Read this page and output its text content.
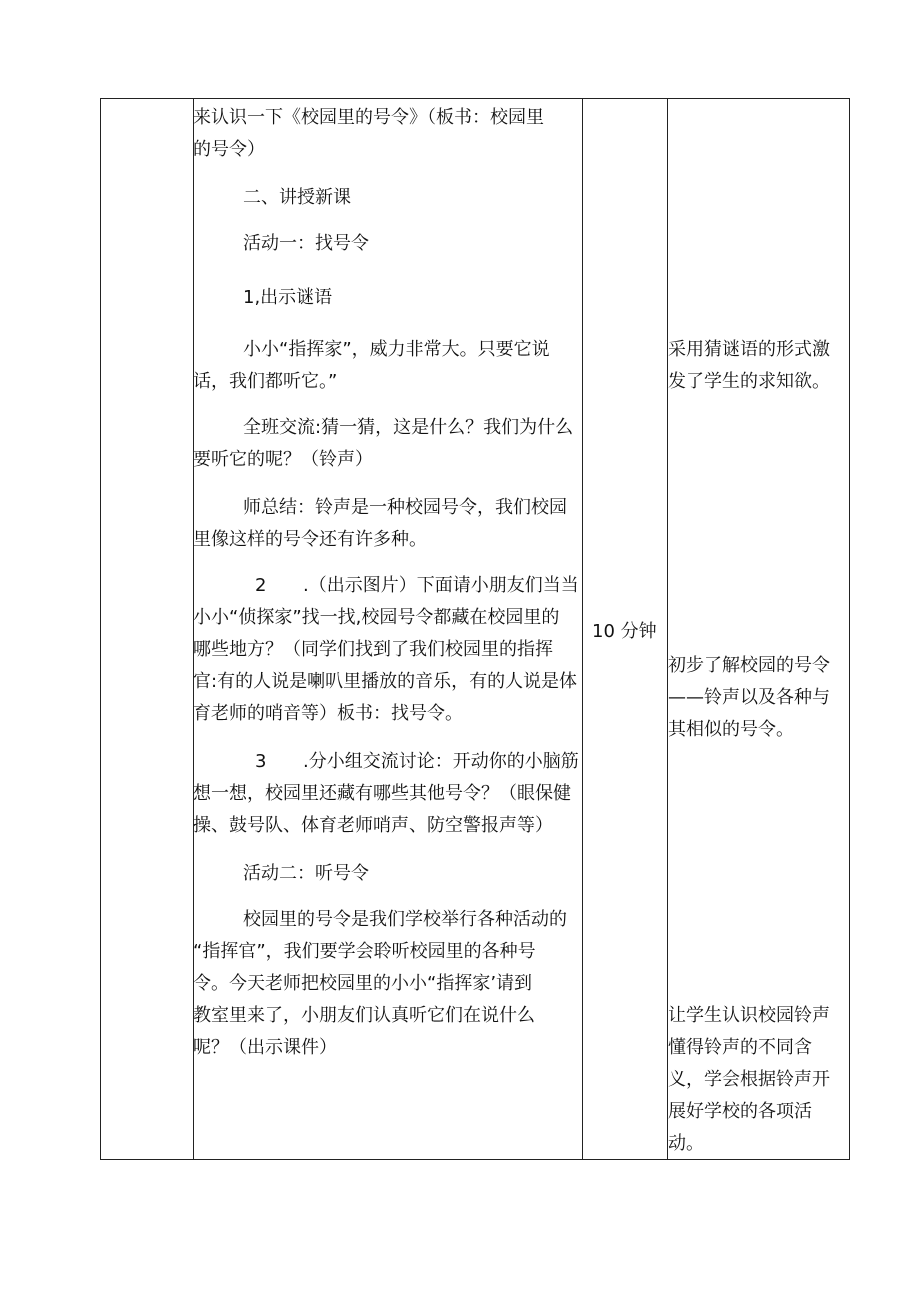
来认识一下《校园里的号令》（板书：校园里
的号令）
二、讲授新课
活动一：找号令
1,出示谜语
小小“指挥家”，威力非常大。只要它说
话，我们都听它。”
全班交流:猜一猜，这是什么？我们为什么
要听它的呢？（铃声）
师总结：铃声是一种校园号令，我们校园
里像这样的号令还有许多种。
2 .（出示图片）下面请小朋友们当当
小小“侦探家”找一找,校园号令都藏在校园里的
哪些地方？（同学们找到了我们校园里的指挥
官:有的人说是喇叭里播放的音乐，有的人说是体
育老师的哨音等）板书：找号令。
3 .分小组交流讨论：开动你的小脑筋
想一想，校园里还藏有哪些其他号令？（眼保健
操、鼓号队、体育老师哨声、防空警报声等）
活动二：听号令
校园里的号令是我们学校举行各种活动的
“指挥官”，我们要学会聆听校园里的各种号
令。今天老师把校园里的小小“指挥家’请到
教室里来了，小朋友们认真听它们在说什么
呢？（出示课件）
10 分钟
采用猜谜语的形式激
发了学生的求知欲。
初步了解校园的号令
——铃声以及各种与
其相似的号令。
让学生认识校园铃声
懂得铃声的不同含
义，学会根据铃声开
展好学校的各项活
动。
